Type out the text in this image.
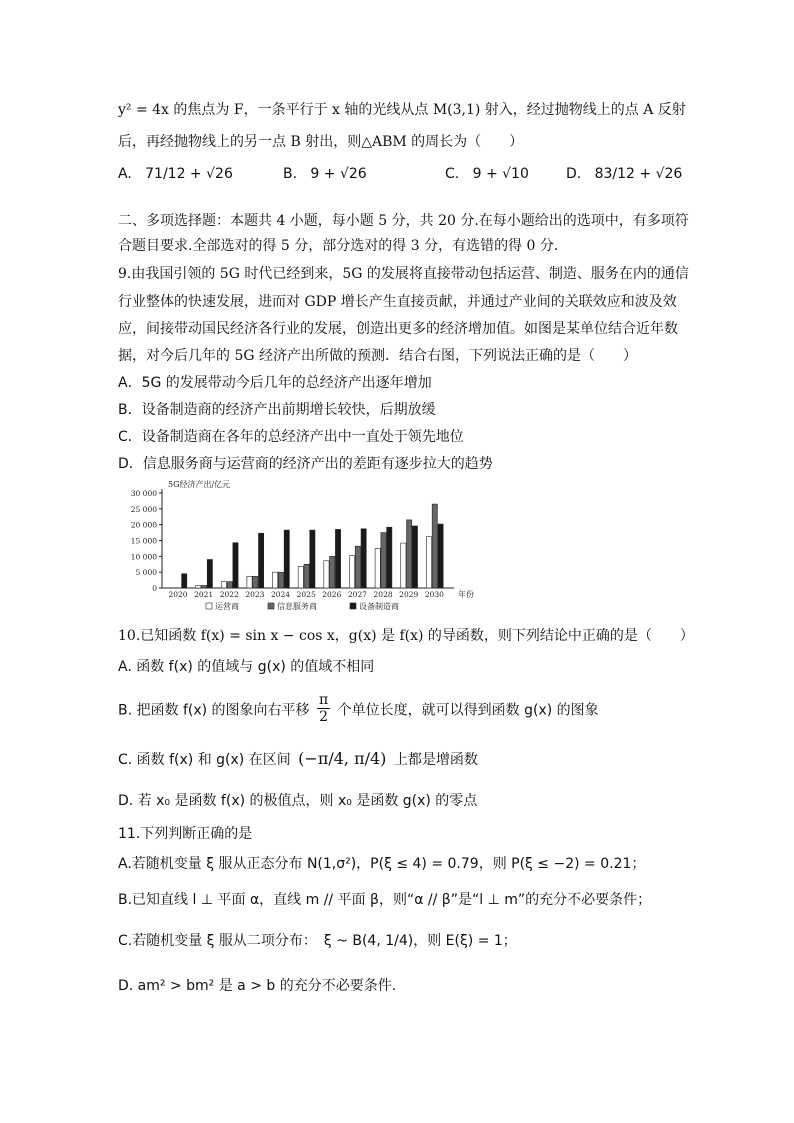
y² = 4x 的焦点为 F，一条平行于 x 轴的光线从点 M(3,1) 射入，经过抛物线上的点 A 反射
后，再经抛物线上的另一点 B 射出，则△ABM 的周长为（　　）
A. 71/12 + √26	B. 9 + √26	C. 9 + √10	D. 83/12 + √26
二、多项选择题：本题共 4 小题，每小题 5 分，共 20 分.在每小题给出的选项中，有多项符
合题目要求.全部选对的得 5 分，部分选对的得 3 分，有选错的得 0 分.
9.由我国引领的 5G 时代已经到来，5G 的发展将直接带动包括运营、制造、服务在内的通信
行业整体的快速发展，进而对 GDP 增长产生直接贡献，并通过产业间的关联效应和波及效
应，间接带动国民经济各行业的发展，创造出更多的经济增加值。如图是某单位结合近年数
据，对今后几年的 5G 经济产出所做的预测．结合右图，下列说法正确的是（　　）
A．5G 的发展带动今后几年的总经济产出逐年增加
B．设备制造商的经济产出前期增长较快，后期放缓
C．设备制造商在各年的总经济产出中一直处于领先地位
D．信息服务商与运营商的经济产出的差距有逐步拉大的趋势
0
5 000
10 000
15 000
20 000
25 000
30 000
5G经济产出/亿元
2020 2021 2022 2023 2024 2025 2026 2027 2028 2029 2030 年份
运营商	信息服务商	设备制造商
10.已知函数 f(x) = sin x − cos x，g(x) 是 f(x) 的导函数，则下列结论中正确的是（　　）
A. 函数 f(x) 的值域与 g(x) 的值域不相同
B. 把函数 f(x) 的图象向右平移 $\frac{\pi}{2}$ 个单位长度，就可以得到函数 g(x) 的图象
C. 函数 f(x) 和 g(x) 在区间 (−π/4, π/4) 上都是增函数
D. 若 x₀ 是函数 f(x) 的极值点，则 x₀ 是函数 g(x) 的零点
11.下列判断正确的是
A.若随机变量 ξ 服从正态分布 N(1,σ²)，P(ξ ≤ 4) = 0.79，则 P(ξ ≤ −2) = 0.21；
B.已知直线 l ⊥ 平面 α，直线 m // 平面 β，则“α // β”是“l ⊥ m”的充分不必要条件；
C.若随机变量 ξ 服从二项分布：　ξ ~ B(4, 1/4)，则 E(ξ) = 1；
D. am² > bm² 是 a > b 的充分不必要条件.
